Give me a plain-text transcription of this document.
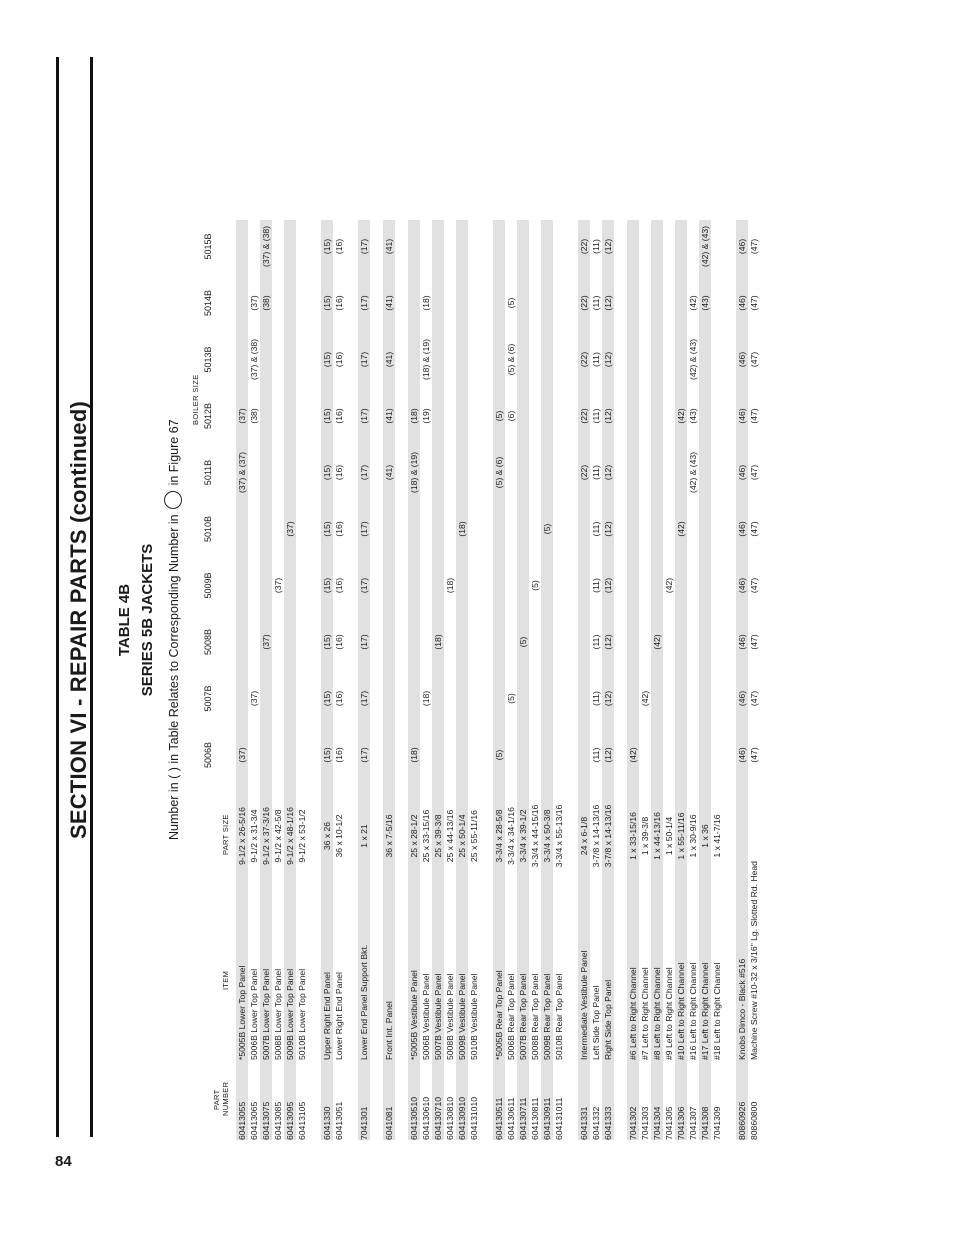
84
SECTION VI - REPAIR PARTS (continued) TABLE 4B SERIES 5B JACKETS Number in ( ) in Table Relates to Corresponding Number in  in Figure 67
BOILER SIZE
PART NUMBER
ITEM
PART SIZE
5006B
5007B
5008B
5009B
5010B
5011B
5012B
5013B
5014B
5015B
60413055
*5005B Lower Top Panel
9-1/2 x 26-5/16
(37)
(37) & (37)
(37)
60413065
5006B Lower Top Panel
9-1/2 x 31-3/4
(37)
(38)
(37) & (38)
(37)
60413075
5007B Lower Top Panel
9-1/2 x 37-3/16
(37)
(38)
(37) & (38)
60413085
5008B Lower Top Panel
9-1/2 x 42-5/8
(37)
60413095
5009B Lower Top Panel
9-1/2 x 48-1/16
(37)
60413105
5010B Lower Top Panel
9-1/2 x 53-1/2
6041330
Upper Right End Panel
36 x 26
(15)
(15)
(15)
(15)
(15)
(15)
(15)
(15)
(15)
(15)
60413051
Lower Right End Panel
36 x 10-1/2
(16)
(16)
(16)
(16)
(16)
(16)
(16)
(16)
(16)
(16)
7041301
Lower End Panel Support Bkt.
1 x 21
(17)
(17)
(17)
(17)
(17)
(17)
(17)
(17)
(17)
(17)
6041081
Front Int. Panel
36 x 7-5/16
(41)
(41)
(41)
(41)
(41)
604130510
*5005B Vestibule Panel
25 x 28-1/2
(18)
(18) & (19)
(18)
604130610
5006B Vestibule Panel
25 x 33-15/16
(18)
(19)
(18) & (19)
(18)
604130710
5007B Vestibule Panel
25 x 39-3/8
(18)
604130810
5008B Vestibule Panel
25 x 44-13/16
(18)
604130910
5009B Vestibule Panel
25 x 50-1/4
(18)
604131010
5010B Vestibule Panel
25 x 55-11/16
604130511
*5005B Rear Top Panel
3-3/4 x 28-5/8
(5)
(5) & (6)
(5)
604130611
5006B Rear Top Panel
3-3/4 x 34-1/16
(5)
(6)
(5) & (6)
(5)
604130711
5007B Rear Top Panel
3-3/4 x 39-1/2
(5)
604130811
5008B Rear Top Panel
3-3/4 x 44-15/16
(5)
604130911
5009B Rear Top Panel
3-3/4 x 50-3/8
(5)
604131011
5010B Rear Top Panel
3-3/4 x 55-13/16
6041331
Intermediate Vestibule Panel
24 x 6-1/8
(22)
(22)
(22)
(22)
(22)
6041332
Left Side Top Panel
3-7/8 x 14-13/16
(11)
(11)
(11)
(11)
(11)
(11)
(11)
(11)
(11)
(11)
6041333
Right Side Top Panel
3-7/8 x 14-13/16
(12)
(12)
(12)
(12)
(12)
(12)
(12)
(12)
(12)
(12)
7041302
#6 Left to Right Channel
1 x 33-15/16
(42)
7041303
#7 Left to Right Channel
1 x 39-3/8
(42)
7041304
#8 Left to Right Channel
1 x 44-13/16
(42)
7041305
#9 Left to Right Channel
1 x 50-1/4
(42)
7041306
#10 Left to Right Channel
1 x 55-11/16
(42)
(42)
7041307
#16 Left to Right Channel
1 x 30-9/16
(42) & (43)
(43)
(42) & (43)
(42)
7041308
#17 Left to Right Channel
1 x 36
(43)
(42) & (43)
7041309
#18 Left to Right Channel
1 x 41-7/16
80860926
Knobs Dimco - Black #516
(46)
(46)
(46)
(46)
(46)
(46)
(46)
(46)
(46)
(46)
80860800
Machine Screw #10-32 x 3/16" Lg. Slotted Rd. Head
(47)
(47)
(47)
(47)
(47)
(47)
(47)
(47)
(47)
(47)
